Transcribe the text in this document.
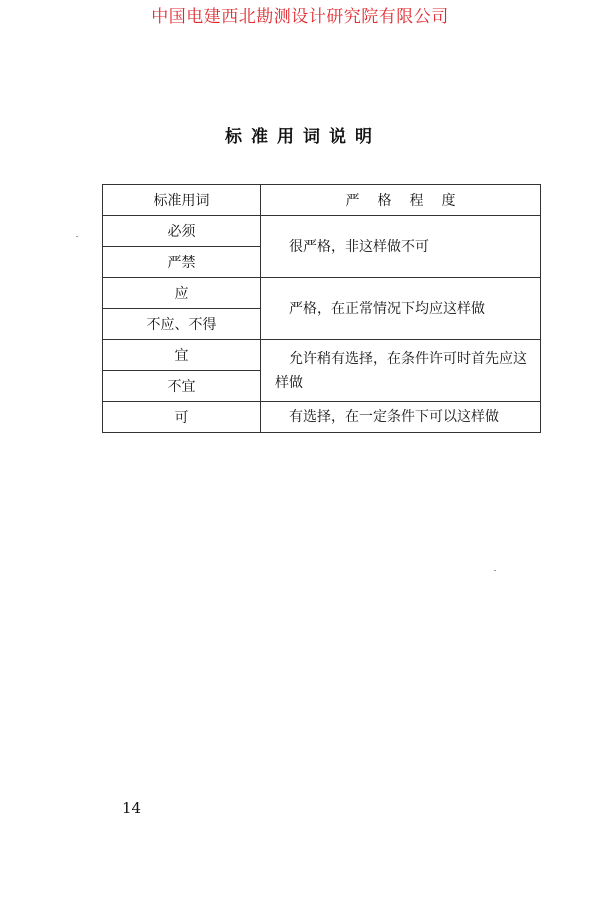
中国电建西北勘测设计研究院有限公司
标准用词说明
标准用词	严格程度
必须	很严格，非这样做不可
严禁	
应	严格，在正常情况下均应这样做
不应、不得	
宜	允许稍有选择，在条件许可时首先应这样做
不宜	
可	有选择，在一定条件下可以这样做
14
